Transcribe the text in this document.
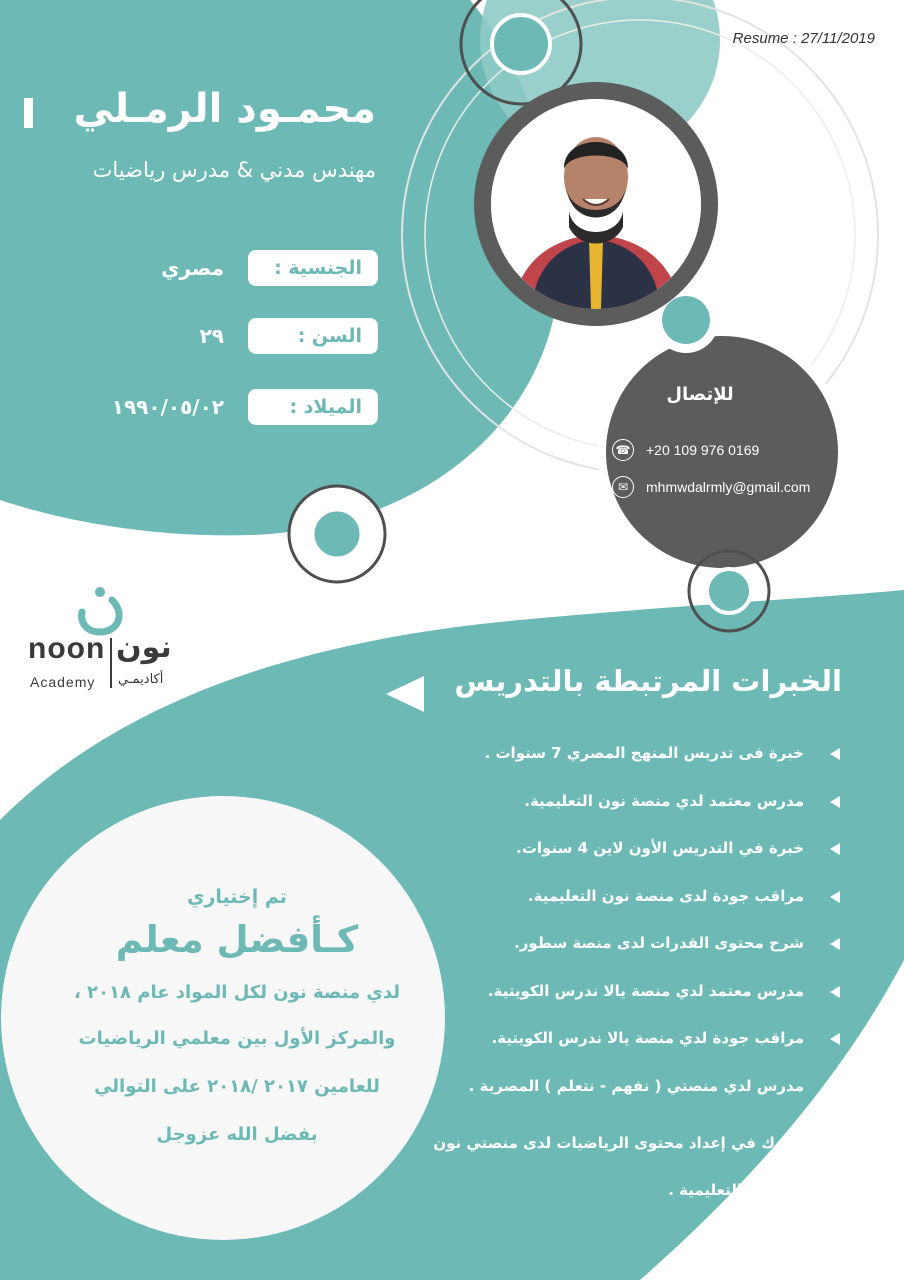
Resume : 27/11/2019
محمـود الرمـلي
مهندس مدني & مدرس رياضيات
الجنسية :
مصري
السن :
٢٩
الميلاد :
١٩٩٠/٠٥/٠٢
للإتصال
☎ +20 109 976 0169
✉	mhmwdalrmly@gmail.com
noon نون
Academy أكاديمـي	الخبرات المرتبطة بالتدريس
خبرة فى تدريس المنهج المصري 7 سنوات .
مدرس معتمد لدي منصة نون التعليمية.
خبرة في التدريس الأون لاين 4 سنوات.
مراقب جودة لدى منصة نون التعليمية.
شرح محتوى القدرات لدى منصة سطور.
مدرس معتمد لدي منصة يالا ندرس الكويتية.
مراقب جودة لدي منصة يالا ندرس الكويتية.
مدرس لدي منصتي ( نفهم - نتعلم ) المصرية .
شارك في إعداد محتوى الرياضيات لدى منصتي نون وسطور التعليمية .
تم إختياري
كـأفضل معلم
لدي منصة نون لكل المواد عام ٢٠١٨ ،
والمركز الأول بين معلمي الرياضيات
للعامين ٢٠١٧ /٢٠١٨ على التوالي
بفضل الله عزوجل
